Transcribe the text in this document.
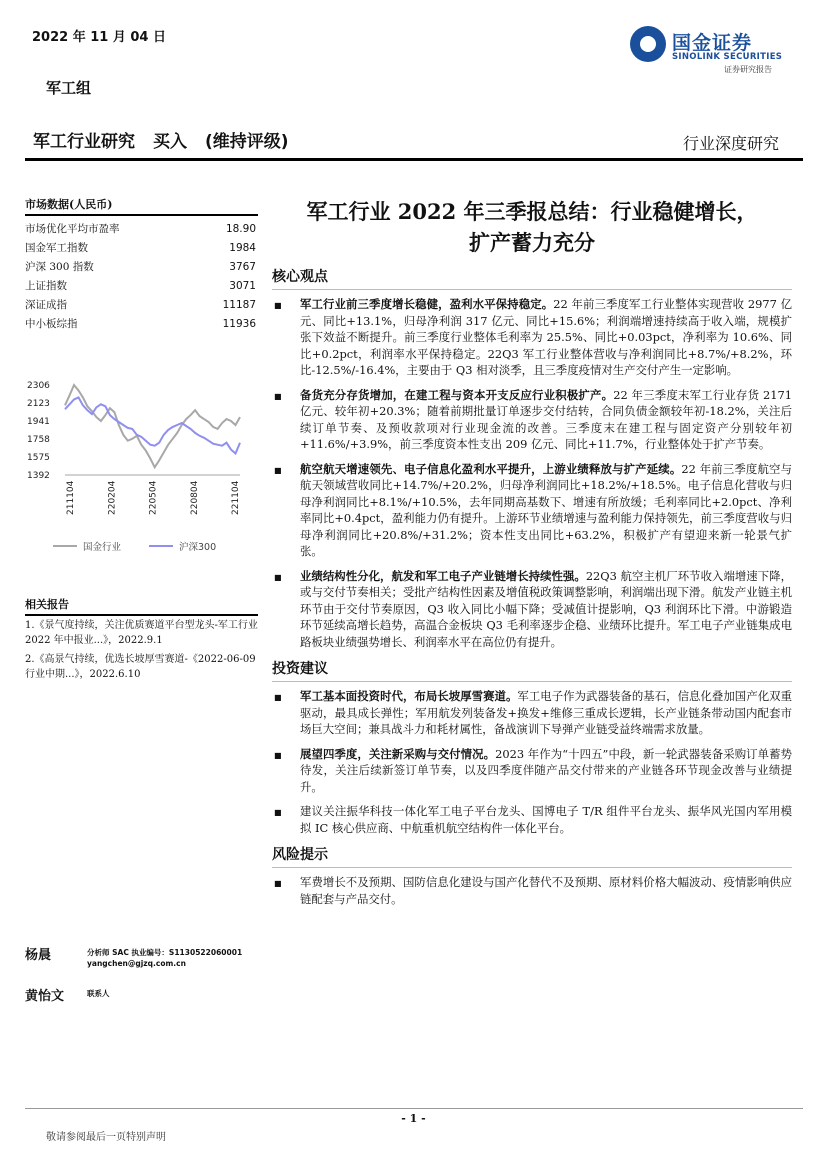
2022 年 11 月 04 日	国金证券
SINOLINK SECURITIES
证券研究报告
军工组
军工行业研究 买入 (维持评级)	行业深度研究
市场数据(人民币)
市场优化平均市盈率	18.90
国金军工指数	1984
沪深 300 指数	3767
上证指数	3071
深证成指	11187
中小板综指	11936
2306
2123
1941
1758
1575
1392
211104	220204	220504	220804	221104
国金行业	沪深300
相关报告

1.《景气度持续，关注优质赛道平台型龙头-军工行业 2022 年中报业...》，2022.9.1

2.《高景气持续，优选长坡厚雪赛道-《2022-06-09 行业中期...》，2022.6.10

杨晨	分析师 SAC 执业编号：S1130522060001
yangchen@gjzq.com.cn
黄怡文	联系人
军工行业 2022 年三季报总结：行业稳健增长，扩产蓄力充分
核心观点
■	军工行业前三季度增长稳健，盈利水平保持稳定。22 年前三季度军工行业整体实现营收 2977 亿元、同比+13.1%，归母净利润 317 亿元、同比+15.6%；利润端增速持续高于收入端，规模扩张下效益不断提升。前三季度行业整体毛利率为 25.5%、同比+0.03pct，净利率为 10.6%、同比+0.2pct，利润率水平保持稳定。22Q3 军工行业整体营收与净利润同比+8.7%/+8.2%，环比-12.5%/-16.4%，主要由于 Q3 相对淡季，且三季度疫情对生产交付产生一定影响。
■	备货充分存货增加，在建工程与资本开支反应行业积极扩产。22 年三季度末军工行业存货 2171 亿元、较年初+20.3%；随着前期批量订单逐步交付结转，合同负债金额较年初-18.2%，关注后续订单节奏、及预收款项对行业现金流的改善。三季度末在建工程与固定资产分别较年初+11.6%/+3.9%，前三季度资本性支出 209 亿元、同比+11.7%，行业整体处于扩产节奏。
■	航空航天增速领先、电子信息化盈利水平提升，上游业绩释放与扩产延续。22 年前三季度航空与航天领域营收同比+14.7%/+20.2%，归母净利润同比+18.2%/+18.5%。电子信息化营收与归母净利润同比+8.1%/+10.5%，去年同期高基数下、增速有所放缓；毛利率同比+2.0pct、净利率同比+0.4pct，盈利能力仍有提升。上游环节业绩增速与盈利能力保持领先，前三季度营收与归母净利润同比+20.8%/+31.2%；资本性支出同比+63.2%，积极扩产有望迎来新一轮景气扩张。
■	业绩结构性分化，航发和军工电子产业链增长持续性强。22Q3 航空主机厂环节收入端增速下降，或与交付节奏相关；受批产结构性因素及增值税政策调整影响，利润端出现下滑。航发产业链主机环节由于交付节奏原因，Q3 收入同比小幅下降；受减值计提影响，Q3 利润环比下滑。中游锻造环节延续高增长趋势，高温合金板块 Q3 毛利率逐步企稳、业绩环比提升。军工电子产业链集成电路板块业绩强势增长、利润率水平在高位仍有提升。
投资建议
■	军工基本面投资时代，布局长坡厚雪赛道。军工电子作为武器装备的基石，信息化叠加国产化双重驱动，最具成长弹性；军用航发列装备发+换发+维修三重成长逻辑，长产业链条带动国内配套市场巨大空间；兼具战斗力和耗材属性，备战演训下导弹产业链受益终端需求放量。
■	展望四季度，关注新采购与交付情况。2023 年作为“十四五”中段，新一轮武器装备采购订单蓄势待发，关注后续新签订单节奏，以及四季度伴随产品交付带来的产业链各环节现金改善与业绩提升。
■	建议关注振华科技一体化军工电子平台龙头、国博电子 T/R 组件平台龙头、振华风光国内军用模拟 IC 核心供应商、中航重机航空结构件一体化平台。
风险提示
■	军费增长不及预期、国防信息化建设与国产化替代不及预期、原材料价格大幅波动、疫情影响供应链配套与产品交付。
- 1 -
敬请参阅最后一页特别声明
